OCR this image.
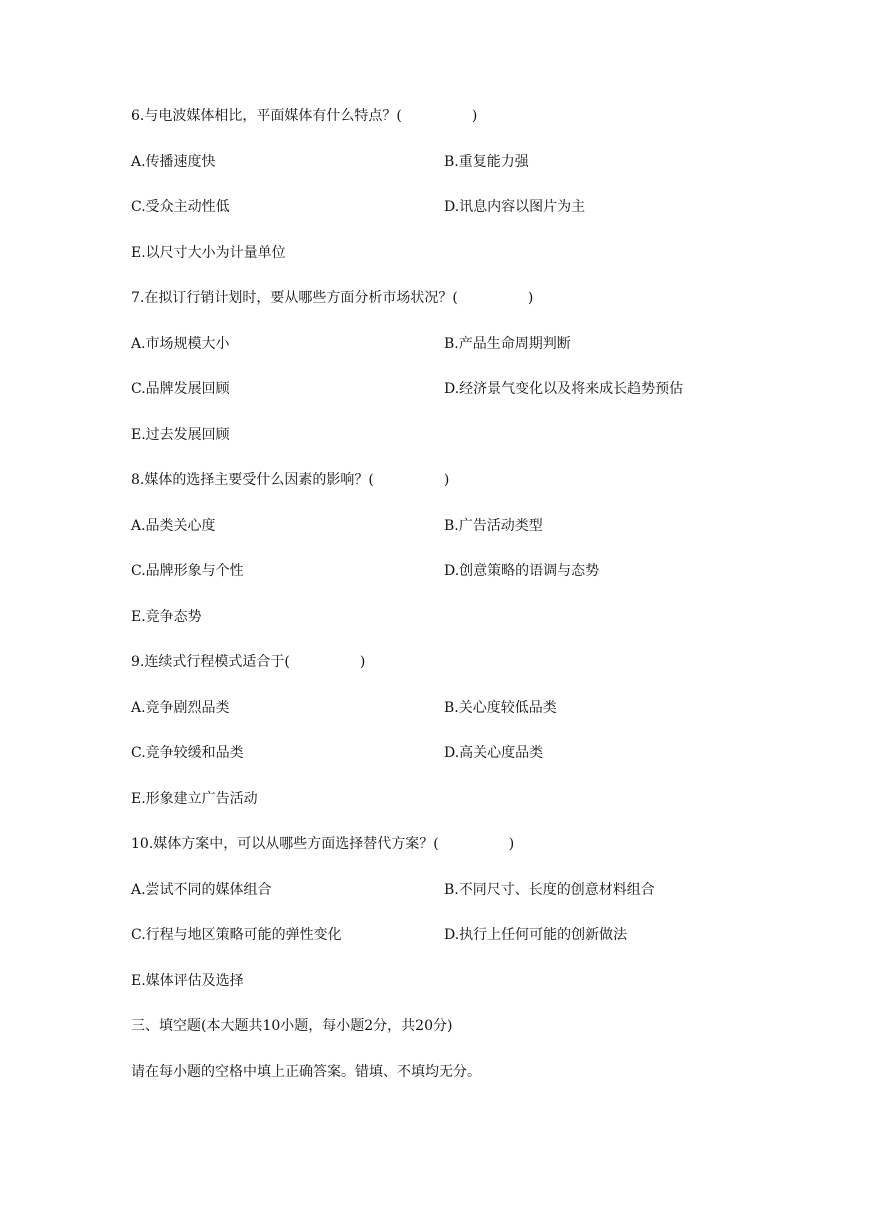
6.与电波媒体相比，平面媒体有什么特点？(　　　　　)
A.传播速度快	B.重复能力强
C.受众主动性低	D.讯息内容以图片为主
E.以尺寸大小为计量单位
7.在拟订行销计划时，要从哪些方面分析市场状况？(　　　　　)
A.市场规模大小	B.产品生命周期判断
C.品牌发展回顾	D.经济景气变化以及将来成长趋势预估
E.过去发展回顾
8.媒体的选择主要受什么因素的影响？(　　　　　)
A.品类关心度	B.广告活动类型
C.品牌形象与个性	D.创意策略的语调与态势
E.竞争态势
9.连续式行程模式适合于(　　　　　)
A.竞争剧烈品类	B.关心度较低品类
C.竞争较缓和品类	D.高关心度品类
E.形象建立广告活动
10.媒体方案中，可以从哪些方面选择替代方案？(　　　　　)
A.尝试不同的媒体组合	B.不同尺寸、长度的创意材料组合
C.行程与地区策略可能的弹性变化	D.执行上任何可能的创新做法
E.媒体评估及选择
三、填空题(本大题共10小题，每小题2分，共20分)
请在每小题的空格中填上正确答案。错填、不填均无分。
